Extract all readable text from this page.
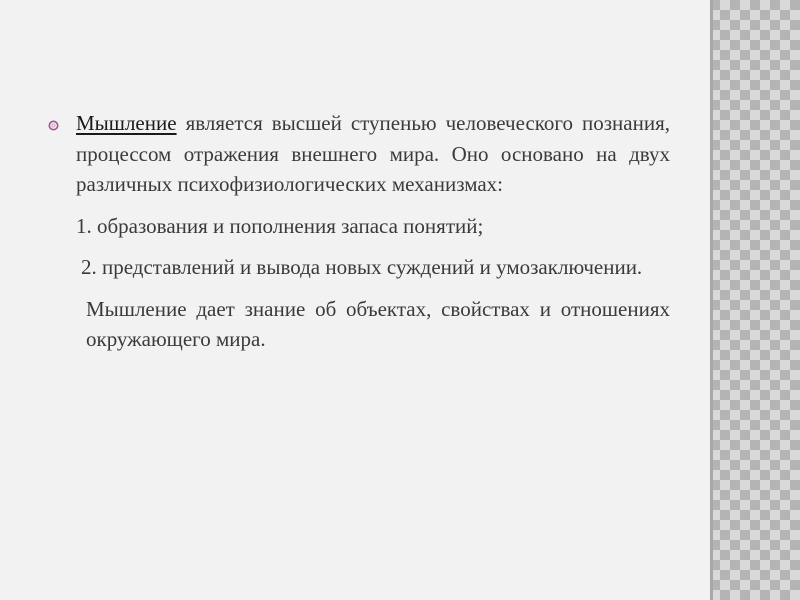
Мышление является высшей ступенью человеческого познания, процессом отражения внешнего мира. Оно основано на двух различных психофизиологических механизмах:

1. образования и пополнения запаса понятий;

2. представлений и вывода новых суждений и умозаключении.

Мышление дает знание об объектах, свойствах и отношениях окружающего мира.
